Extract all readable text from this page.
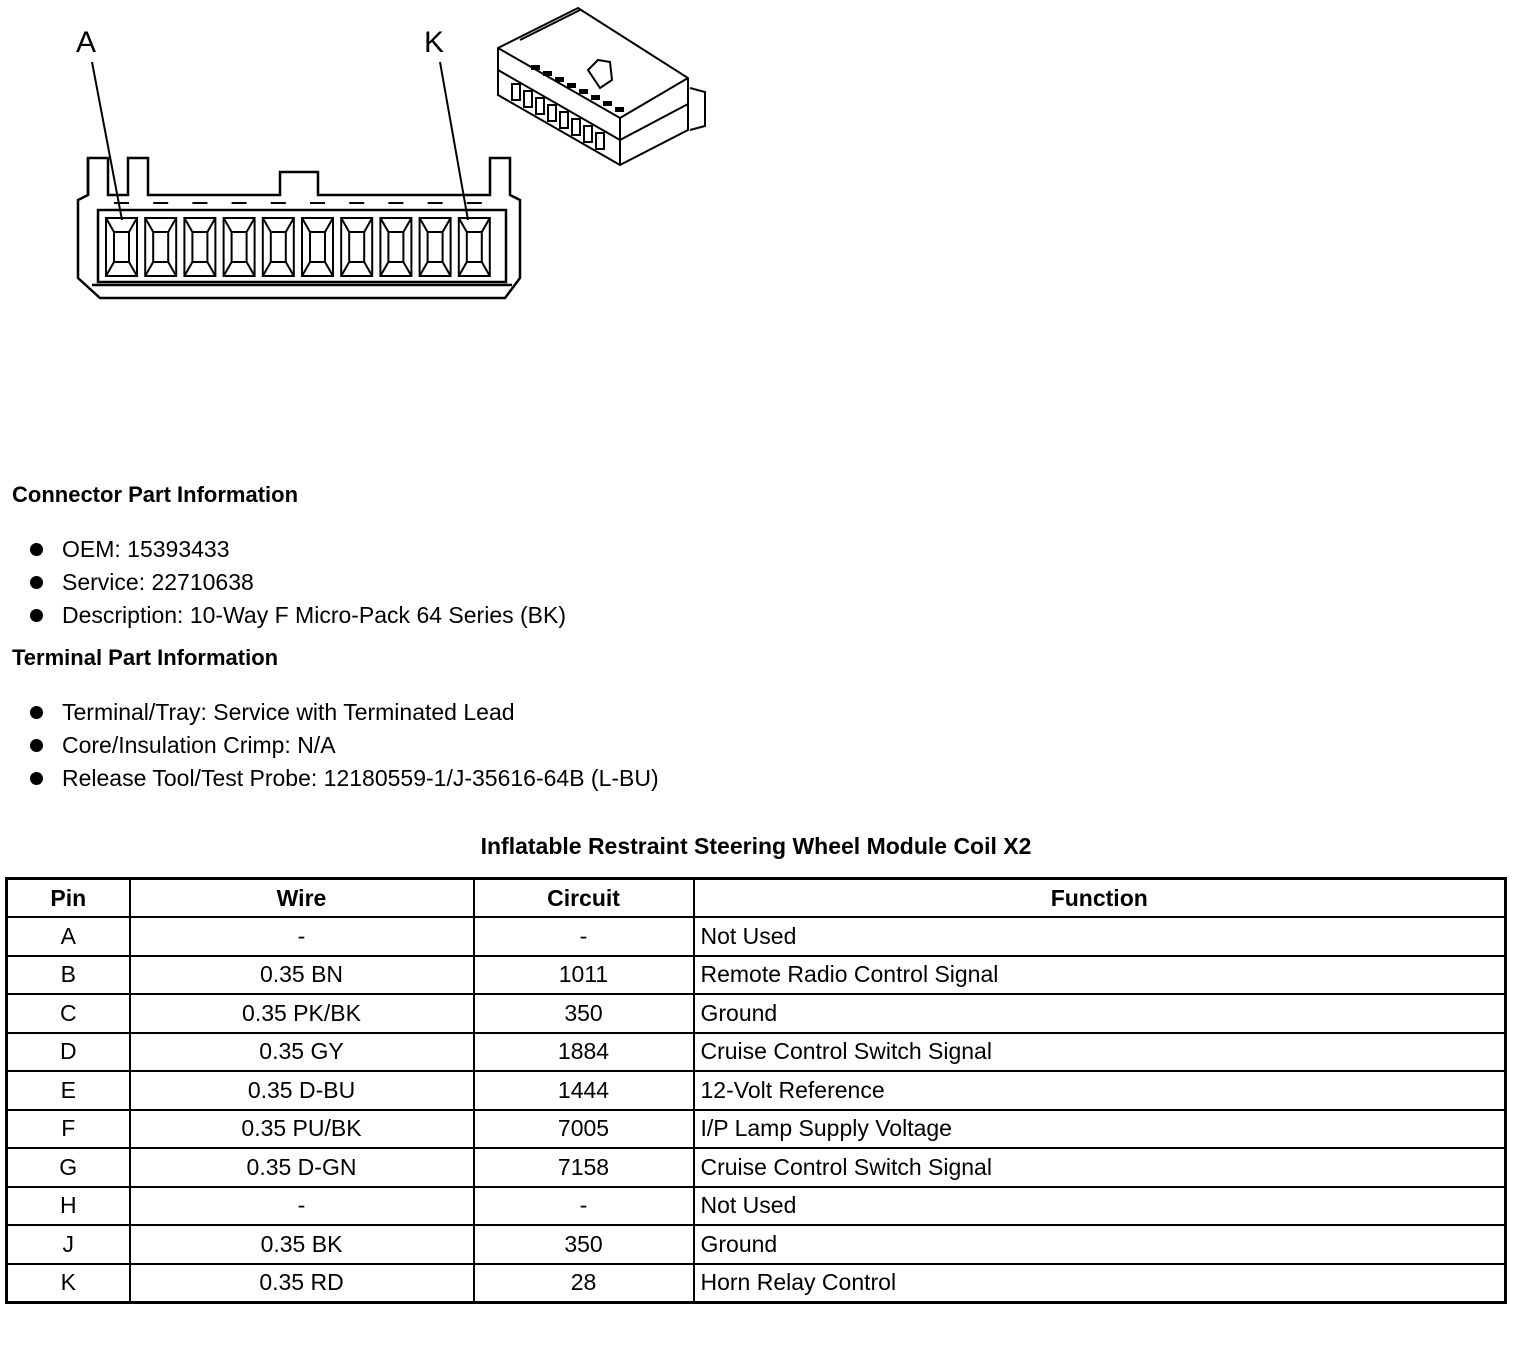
A	K
Connector Part Information
OEM: 15393433
Service: 22710638
Description: 10-Way F Micro-Pack 64 Series (BK)
Terminal Part Information
Terminal/Tray: Service with Terminated Lead
Core/Insulation Crimp: N/A
Release Tool/Test Probe: 12180559-1/J-35616-64B (L-BU)
Inflatable Restraint Steering Wheel Module Coil X2
Pin	Wire	Circuit	Function
A	-	-	Not Used
B	0.35 BN	1011	Remote Radio Control Signal
C	0.35 PK/BK	350	Ground
D	0.35 GY	1884	Cruise Control Switch Signal
E	0.35 D-BU	1444	12-Volt Reference
F	0.35 PU/BK	7005	I/P Lamp Supply Voltage
G	0.35 D-GN	7158	Cruise Control Switch Signal
H	-	-	Not Used
J	0.35 BK	350	Ground
K	0.35 RD	28	Horn Relay Control
